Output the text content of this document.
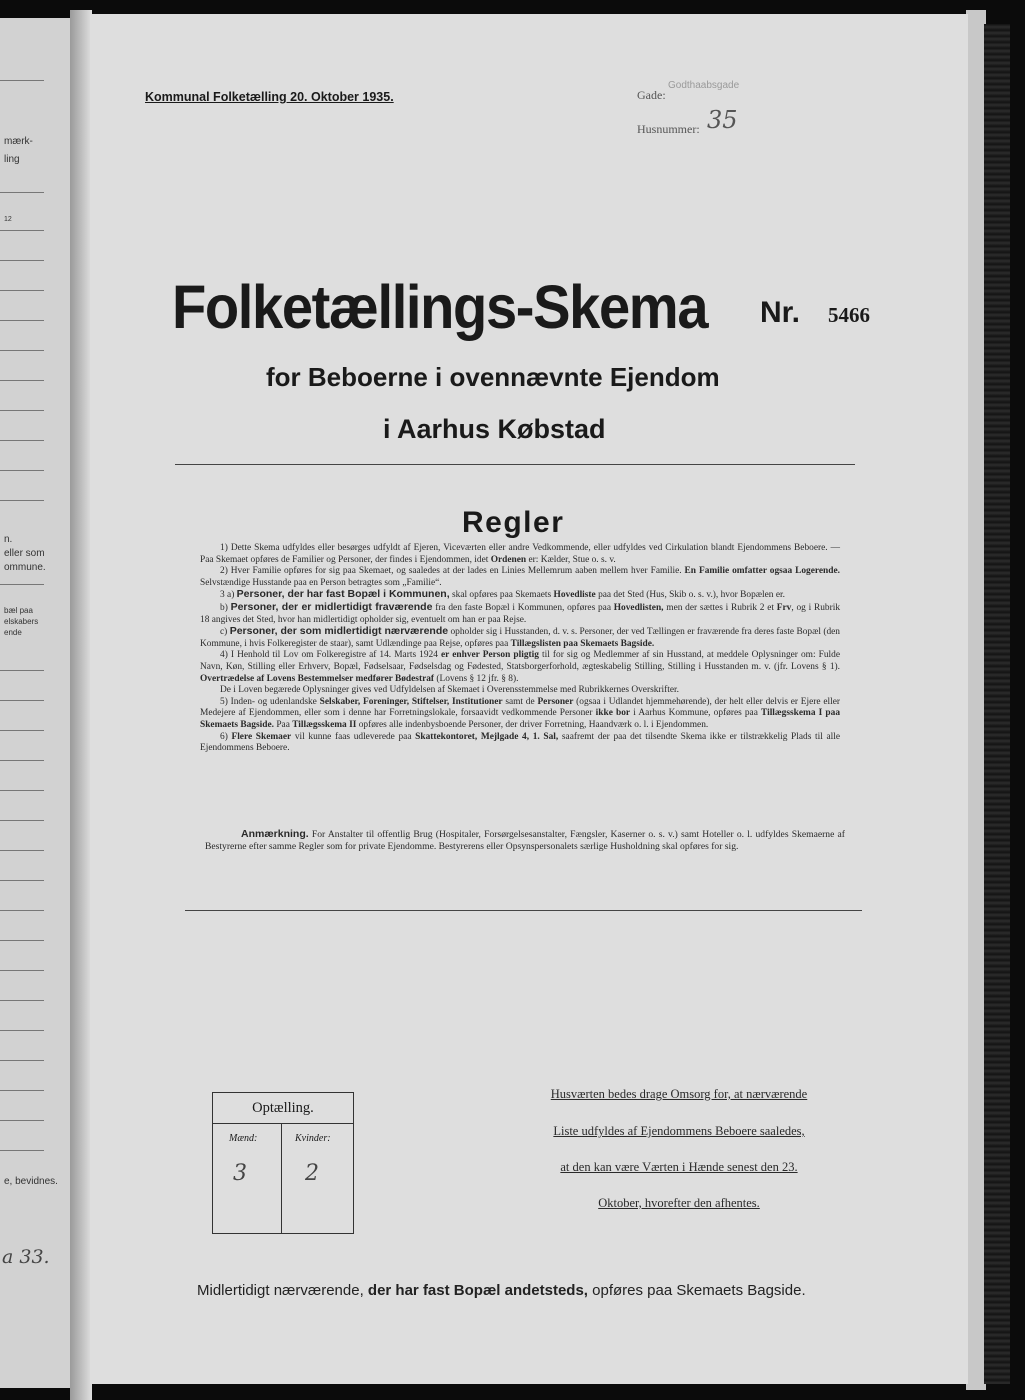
mærk-
ling
12
n.
eller som
ommune.
bæl paa
elskabers
ende
e, bevidnes.
a 33.
Kommunal Folketælling 20. Oktober 1935.	Gade:
Godthaabsgade
Husnummer: 35
Folketællings-Skema Nr. 5466
for Beboerne i ovennævnte Ejendom
i Aarhus Købstad
Regler

1) Dette Skema udfyldes eller besørges udfyldt af Ejeren, Viceværten eller andre Vedkommende, eller udfyldes ved Cirkulation blandt Ejendommens Beboere. — Paa Skemaet opføres de Familier og Personer, der findes i Ejendommen, idet Ordenen er: Kælder, Stue o. s. v.

2) Hver Familie opføres for sig paa Skemaet, og saaledes at der lades en Linies Mellemrum aaben mellem hver Familie. En Familie omfatter ogsaa Logerende. Selvstændige Husstande paa en Person betragtes som „Familie“.

3 a) Personer, der har fast Bopæl i Kommunen, skal opføres paa Skemaets Hovedliste paa det Sted (Hus, Skib o. s. v.), hvor Bopælen er.

b) Personer, der er midlertidigt fraværende fra den faste Bopæl i Kommunen, opføres paa Hovedlisten, men der sættes i Rubrik 2 et Frv, og i Rubrik 18 angives det Sted, hvor han midlertidigt opholder sig, eventuelt om han er paa Rejse.

c) Personer, der som midlertidigt nærværende opholder sig i Husstanden, d. v. s. Personer, der ved Tællingen er fraværende fra deres faste Bopæl (den Kommune, i hvis Folkeregister de staar), samt Udlændinge paa Rejse, opføres paa Tillægslisten paa Skemaets Bagside.

4) I Henhold til Lov om Folkeregistre af 14. Marts 1924 er enhver Person pligtig til for sig og Medlemmer af sin Husstand, at meddele Oplysninger om: Fulde Navn, Køn, Stilling eller Erhverv, Bopæl, Fødselsaar, Fødselsdag og Fødested, Statsborgerforhold, ægteskabelig Stilling, Stilling i Husstanden m. v. (jfr. Lovens § 1). Overtrædelse af Lovens Bestemmelser medfører Bødestraf (Lovens § 12 jfr. § 8).

De i Loven begærede Oplysninger gives ved Udfyldelsen af Skemaet i Overensstemmelse med Rubrikkernes Overskrifter.

5) Inden- og udenlandske Selskaber, Foreninger, Stiftelser, Institutioner samt de Personer (ogsaa i Udlandet hjemmehørende), der helt eller delvis er Ejere eller Medejere af Ejendommen, eller som i denne har Forretningslokale, forsaavidt vedkommende Personer ikke bor i Aarhus Kommune, opføres paa Tillægsskema I paa Skemaets Bagside. Paa Tillægsskema II opføres alle indenbysboende Personer, der driver Forretning, Haandværk o. l. i Ejendommen.

6) Flere Skemaer vil kunne faas udleverede paa Skattekontoret, Mejlgade 4, 1. Sal, saafremt der paa det tilsendte Skema ikke er tilstrækkelig Plads til alle Ejendommens Beboere.

Anmærkning. For Anstalter til offentlig Brug (Hospitaler, Forsørgelsesanstalter, Fængsler, Kaserner o. s. v.) samt Hoteller o. l. udfyldes Skemaerne af Bestyrerne efter samme Regler som for private Ejendomme. Bestyrerens eller Opsynspersonalets særlige Husholdning skal opføres for sig.
Optælling.
Mænd:	Kvinder:
3	2
Husværten bedes drage Omsorg for, at nærværende
Liste udfyldes af Ejendommens Beboere saaledes,
at den kan være Værten i Hænde senest den 23.
Oktober, hvorefter den afhentes.
Midlertidigt nærværende, der har fast Bopæl andetsteds, opføres paa Skemaets Bagside.
